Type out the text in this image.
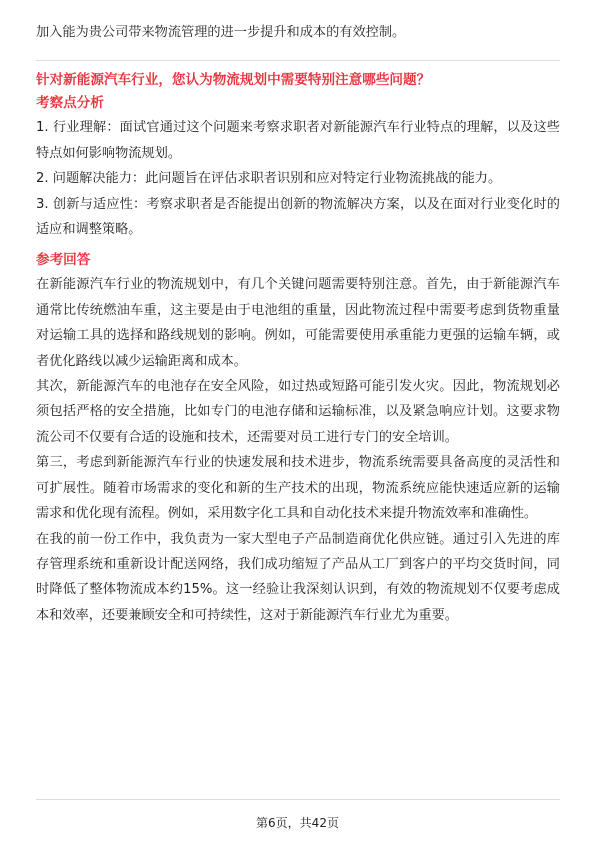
加入能为贵公司带来物流管理的进一步提升和成本的有效控制。

针对新能源汽车行业，您认为物流规划中需要特别注意哪些问题？
考察点分析

1. 行业理解：面试官通过这个问题来考察求职者对新能源汽车行业特点的理解，以及这些特点如何影响物流规划。

2. 问题解决能力：此问题旨在评估求职者识别和应对特定行业物流挑战的能力。

3. 创新与适应性：考察求职者是否能提出创新的物流解决方案，以及在面对行业变化时的适应和调整策略。

参考回答

在新能源汽车行业的物流规划中，有几个关键问题需要特别注意。首先，由于新能源汽车通常比传统燃油车重，这主要是由于电池组的重量，因此物流过程中需要考虑到货物重量对运输工具的选择和路线规划的影响。例如，可能需要使用承重能力更强的运输车辆，或者优化路线以减少运输距离和成本。

其次，新能源汽车的电池存在安全风险，如过热或短路可能引发火灾。因此，物流规划必须包括严格的安全措施，比如专门的电池存储和运输标准，以及紧急响应计划。这要求物流公司不仅要有合适的设施和技术，还需要对员工进行专门的安全培训。

第三，考虑到新能源汽车行业的快速发展和技术进步，物流系统需要具备高度的灵活性和可扩展性。随着市场需求的变化和新的生产技术的出现，物流系统应能快速适应新的运输需求和优化现有流程。例如，采用数字化工具和自动化技术来提升物流效率和准确性。

在我的前一份工作中，我负责为一家大型电子产品制造商优化供应链。通过引入先进的库存管理系统和重新设计配送网络，我们成功缩短了产品从工厂到客户的平均交货时间，同时降低了整体物流成本约15%。这一经验让我深刻认识到，有效的物流规划不仅要考虑成本和效率，还要兼顾安全和可持续性，这对于新能源汽车行业尤为重要。

第6页，共42页
